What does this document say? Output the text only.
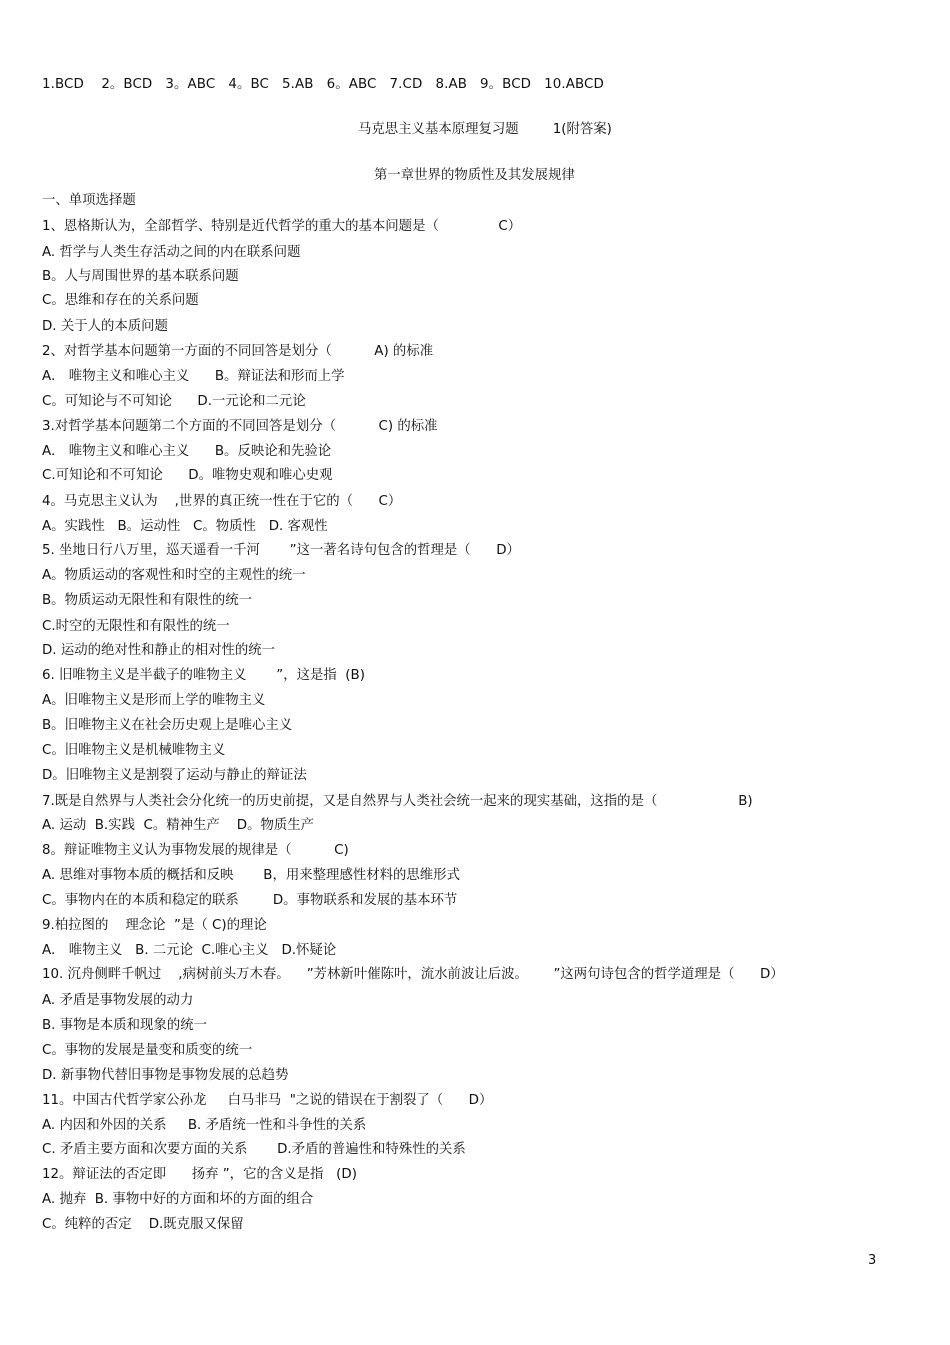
1.BCD    2。BCD   3。ABC   4。BC   5.AB   6。ABC   7.CD   8.AB   9。BCD   10.ABCD
马克思主义基本原理复习题        1(附答案)
第一章世界的物质性及其发展规律
一、单项选择题
1、恩格斯认为，全部哲学、特别是近代哲学的重大的基本问题是（              C）
A. 哲学与人类生存活动之间的内在联系问题
B。人与周围世界的基本联系问题
C。思维和存在的关系问题
D. 关于人的本质问题
2、对哲学基本问题第一方面的不同回答是划分（          A) 的标准
A． 唯物主义和唯心主义      B。辩证法和形而上学
C。可知论与不可知论      D.一元论和二元论
3.对哲学基本问题第二个方面的不同回答是划分（          C) 的标准
A． 唯物主义和唯心主义      B。反映论和先验论
C.可知论和不可知论      D。唯物史观和唯心史观
4。马克思主义认为    ,世界的真正统一性在于它的（      C）
A。实践性   B。运动性   C。物质性   D. 客观性
5. 坐地日行八万里，巡天遥看一千河       ”这一著名诗句包含的哲理是（      D）
A。物质运动的客观性和时空的主观性的统一
B。物质运动无限性和有限性的统一
C.时空的无限性和有限性的统一
D. 运动的绝对性和静止的相对性的统一
6. 旧唯物主义是半截子的唯物主义       ”，这是指  (B)
A。旧唯物主义是形而上学的唯物主义
B。旧唯物主义在社会历史观上是唯心主义
C。旧唯物主义是机械唯物主义
D。旧唯物主义是割裂了运动与静止的辩证法
7.既是自然界与人类社会分化统一的历史前提，又是自然界与人类社会统一起来的现实基础，这指的是（                   B)
A. 运动  B.实践  C。精神生产    D。物质生产
8。辩证唯物主义认为事物发展的规律是（          C)
A. 思维对事物本质的概括和反映       B，用来整理感性材料的思维形式
C。事物内在的本质和稳定的联系        D。事物联系和发展的基本环节
9.柏拉图的    理念论  ”是（ C)的理论
A． 唯物主义   B. 二元论  C.唯心主义   D.怀疑论
10. 沉舟侧畔千帆过    ,病树前头万木春。    ”芳林新叶催陈叶，流水前波让后波。      ”这两句诗包含的哲学道理是（      D）
A. 矛盾是事物发展的动力
B. 事物是本质和现象的统一
C。事物的发展是量变和质变的统一
D. 新事物代替旧事物是事物发展的总趋势
11。中国古代哲学家公孙龙     白马非马  "之说的错误在于割裂了（      D）
A. 内因和外因的关系     B. 矛盾统一性和斗争性的关系
C. 矛盾主要方面和次要方面的关系       D.矛盾的普遍性和特殊性的关系
12。辩证法的否定即      扬弃 ”，它的含义是指   (D)
A. 抛弃  B. 事物中好的方面和坏的方面的组合
C。纯粹的否定    D.既克服又保留
3
